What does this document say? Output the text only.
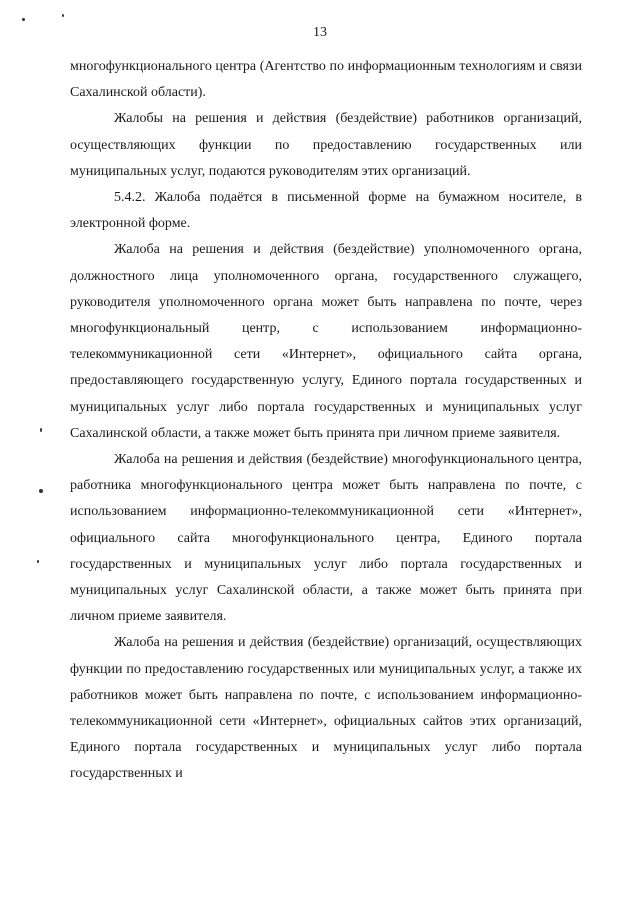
13

многофункционального центра (Агентство по информационным технологиям и связи Сахалинской области).

Жалобы на решения и действия (бездействие) работников организаций, осуществляющих функции по предоставлению государственных или муниципальных услуг, подаются руководителям этих организаций.

5.4.2. Жалоба подаётся в письменной форме на бумажном носителе, в электронной форме.

Жалоба на решения и действия (бездействие) уполномоченного органа, должностного лица уполномоченного органа, государственного служащего, руководителя уполномоченного органа может быть направлена по почте, через многофункциональный центр, с использованием информационно-телекоммуникационной сети «Интернет», официального сайта органа, предоставляющего государственную услугу, Единого портала государственных и муниципальных услуг либо портала государственных и муниципальных услуг Сахалинской области, а также может быть принята при личном приеме заявителя.

Жалоба на решения и действия (бездействие) многофункционального центра, работника многофункционального центра может быть направлена по почте, с использованием информационно-телекоммуникационной сети «Интернет», официального сайта многофункционального центра, Единого портала государственных и муниципальных услуг либо портала государственных и муниципальных услуг Сахалинской области, а также может быть принята при личном приеме заявителя.

Жалоба на решения и действия (бездействие) организаций, осуществляющих функции по предоставлению государственных или муниципальных услуг, а также их работников может быть направлена по почте, с использованием информационно-телекоммуникационной сети «Интернет», официальных сайтов этих организаций, Единого портала государственных и муниципальных услуг либо портала государственных и
